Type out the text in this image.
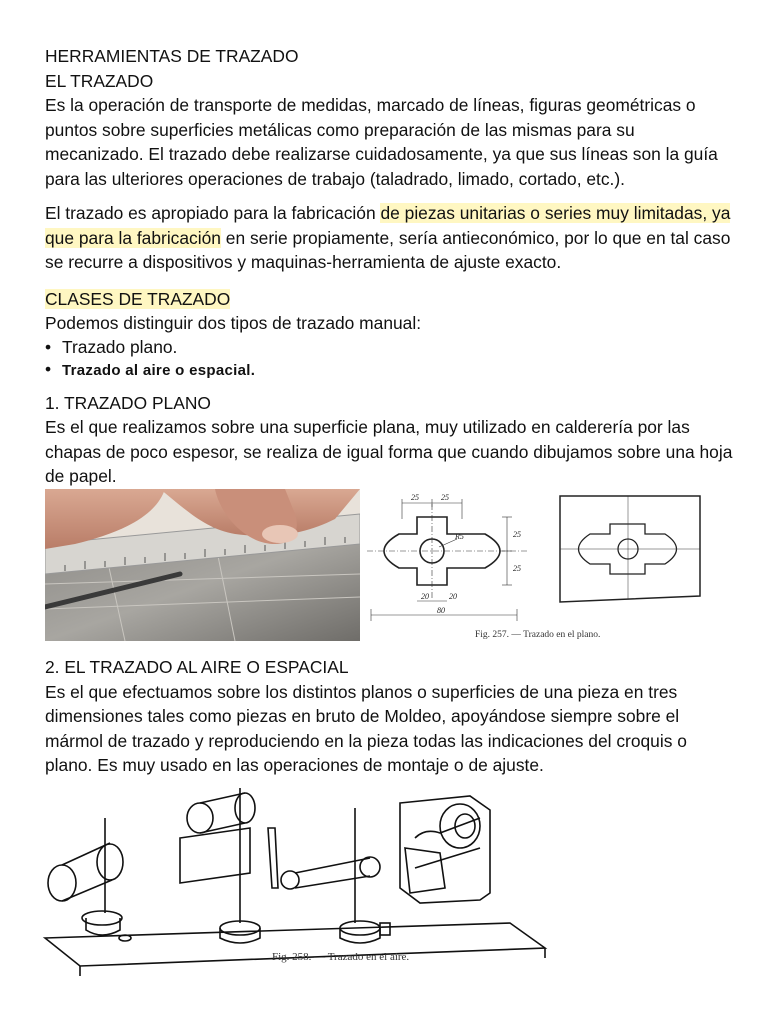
HERRAMIENTAS DE TRAZADO

EL TRAZADO

Es la operación de transporte de medidas, marcado de líneas, figuras geométricas o puntos sobre superficies metálicas como preparación de las mismas para su mecanizado. El trazado debe realizarse cuidadosamente, ya que sus líneas son la guía para las ulteriores operaciones de trabajo (taladrado, limado, cortado, etc.).

El trazado es apropiado para la fabricación de piezas unitarias o series muy limitadas, ya que para la fabricación en serie propiamente, sería antieconómico, por lo que en tal caso se recurre a dispositivos y maquinas-herramienta de ajuste exacto.

CLASES DE TRAZADO

Podemos distinguir dos tipos de trazado manual:

• Trazado plano.
• Trazado al aire o espacial.

1. TRAZADO PLANO

Es el que realizamos sobre una superficie plana, muy utilizado en calderería por las chapas de poco espesor, se realiza de igual forma que cuando dibujamos sobre una hoja de papel.

25	25
25
25
20	20
80
R5
Fig. 257. — Trazado en el plano.

2. EL TRAZADO AL AIRE O ESPACIAL

Es el que efectuamos sobre los distintos planos o superficies de una pieza en tres dimensiones tales como piezas en bruto de Moldeo, apoyándose siempre sobre el mármol de trazado y reproduciendo en la pieza todas las indicaciones del croquis o plano. Es muy usado en las operaciones de montaje o de ajuste.

Fig. 258. — Trazado en el aire.
